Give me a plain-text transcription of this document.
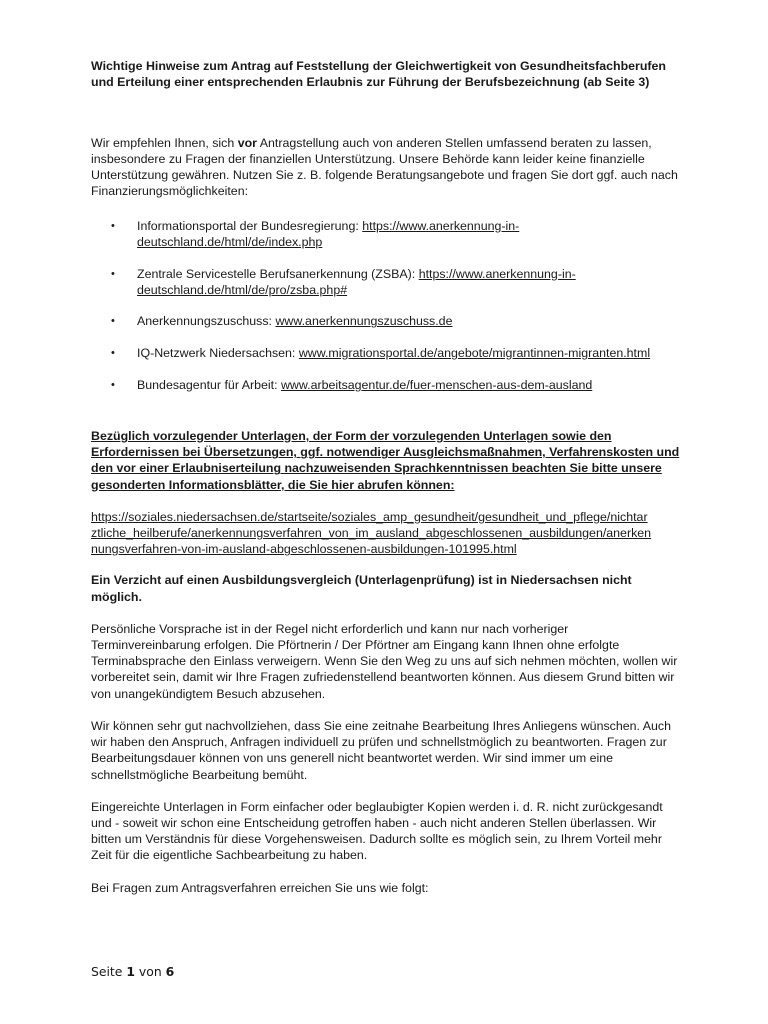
Wichtige Hinweise zum Antrag auf Feststellung der Gleichwertigkeit von Gesundheitsfachberufen und Erteilung einer entsprechenden Erlaubnis zur Führung der Berufsbezeichnung (ab Seite 3)

Wir empfehlen Ihnen, sich vor Antragstellung auch von anderen Stellen umfassend beraten zu lassen, insbesondere zu Fragen der finanziellen Unterstützung. Unsere Behörde kann leider keine finanzielle Unterstützung gewähren. Nutzen Sie z. B. folgende Beratungsangebote und fragen Sie dort ggf. auch nach Finanzierungsmöglichkeiten:

• Informationsportal der Bundesregierung: https://www.anerkennung-in-deutschland.de/html/de/index.php
• Zentrale Servicestelle Berufsanerkennung (ZSBA): https://www.anerkennung-in-deutschland.de/html/de/pro/zsba.php#
• Anerkennungszuschuss: www.anerkennungszuschuss.de
• IQ-Netzwerk Niedersachsen: www.migrationsportal.de/angebote/migrantinnen-migranten.html
• Bundesagentur für Arbeit: www.arbeitsagentur.de/fuer-menschen-aus-dem-ausland

Bezüglich vorzulegender Unterlagen, der Form der vorzulegenden Unterlagen sowie den Erfordernissen bei Übersetzungen, ggf. notwendiger Ausgleichsmaßnahmen, Verfahrenskosten und den vor einer Erlaubniserteilung nachzuweisenden Sprachkenntnissen beachten Sie bitte unsere gesonderten Informationsblätter, die Sie hier abrufen können:

https://soziales.niedersachsen.de/startseite/soziales_amp_gesundheit/gesundheit_und_pflege/nichtar ztliche_heilberufe/anerkennungsverfahren_von_im_ausland_abgeschlossenen_ausbildungen/anerken nungsverfahren-von-im-ausland-abgeschlossenen-ausbildungen-101995.html

Ein Verzicht auf einen Ausbildungsvergleich (Unterlagenprüfung) ist in Niedersachsen nicht möglich.

Persönliche Vorsprache ist in der Regel nicht erforderlich und kann nur nach vorheriger Terminvereinbarung erfolgen. Die Pförtnerin / Der Pförtner am Eingang kann Ihnen ohne erfolgte Terminabsprache den Einlass verweigern. Wenn Sie den Weg zu uns auf sich nehmen möchten, wollen wir vorbereitet sein, damit wir Ihre Fragen zufriedenstellend beantworten können. Aus diesem Grund bitten wir von unangekündigtem Besuch abzusehen.

Wir können sehr gut nachvollziehen, dass Sie eine zeitnahe Bearbeitung Ihres Anliegens wünschen. Auch wir haben den Anspruch, Anfragen individuell zu prüfen und schnellstmöglich zu beantworten. Fragen zur Bearbeitungsdauer können von uns generell nicht beantwortet werden. Wir sind immer um eine schnellstmögliche Bearbeitung bemüht.

Eingereichte Unterlagen in Form einfacher oder beglaubigter Kopien werden i. d. R. nicht zurückgesandt und - soweit wir schon eine Entscheidung getroffen haben - auch nicht anderen Stellen überlassen. Wir bitten um Verständnis für diese Vorgehensweisen. Dadurch sollte es möglich sein, zu Ihrem Vorteil mehr Zeit für die eigentliche Sachbearbeitung zu haben.

Bei Fragen zum Antragsverfahren erreichen Sie uns wie folgt:

Seite 1 von 6
